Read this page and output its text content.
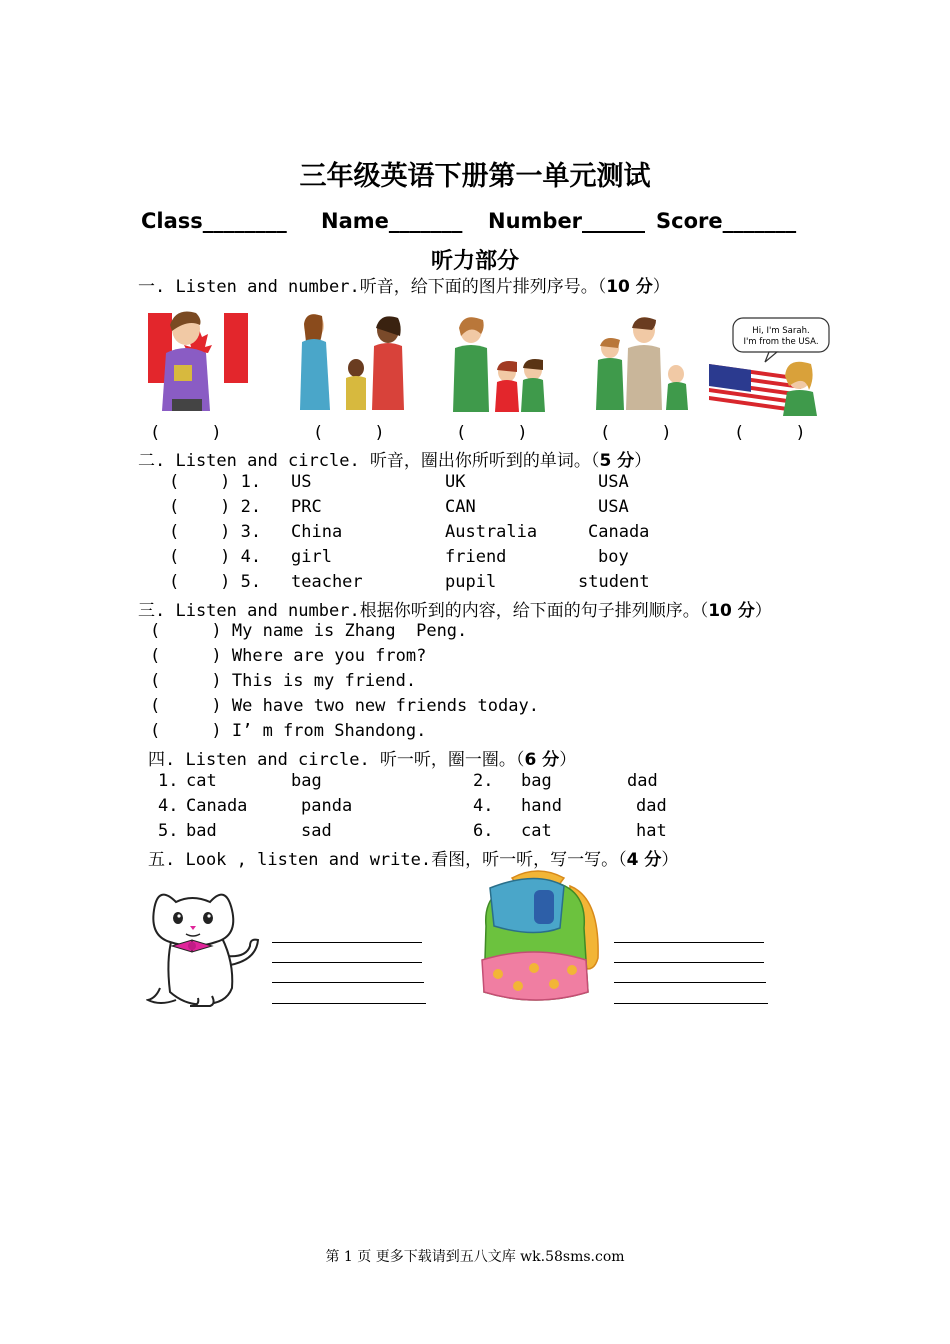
三年级英语下册第一单元测试
Class________ Name_______ Number______ Score_______
听力部分
一. Listen and number.听音，给下面的图片排列序号。（10 分）
Hi, I'm Sarah.
I'm from the USA.
(     )	(     )	(     )	(     )	(     )
二. Listen and circle. 听音，圈出你所听到的单词。（5 分）
(    ) 1. US	UK	USA
(    ) 2. PRC	CAN	USA
(    ) 3. China	Australia	Canada
(    ) 4. girl	friend	boy
(    ) 5. teacher	pupil	student
三. Listen and number.根据你听到的内容，给下面的句子排列顺序。（10 分）
(     ) My name is Zhang  Peng.
(     ) Where are you from?
(     ) This is my friend.
(     ) We have two new friends today.
(     ) I’ m from Shandong.
四. Listen and circle. 听一听，圈一圈。（6 分）
1. cat	bag	2. bag	dad
4. Canada	panda	4. hand	dad
5. bad	sad	6. cat	hat
五. Look , listen and write.看图，听一听，写一写。（4 分）
第 1 页 更多下载请到五八文库 wk.58sms.com
